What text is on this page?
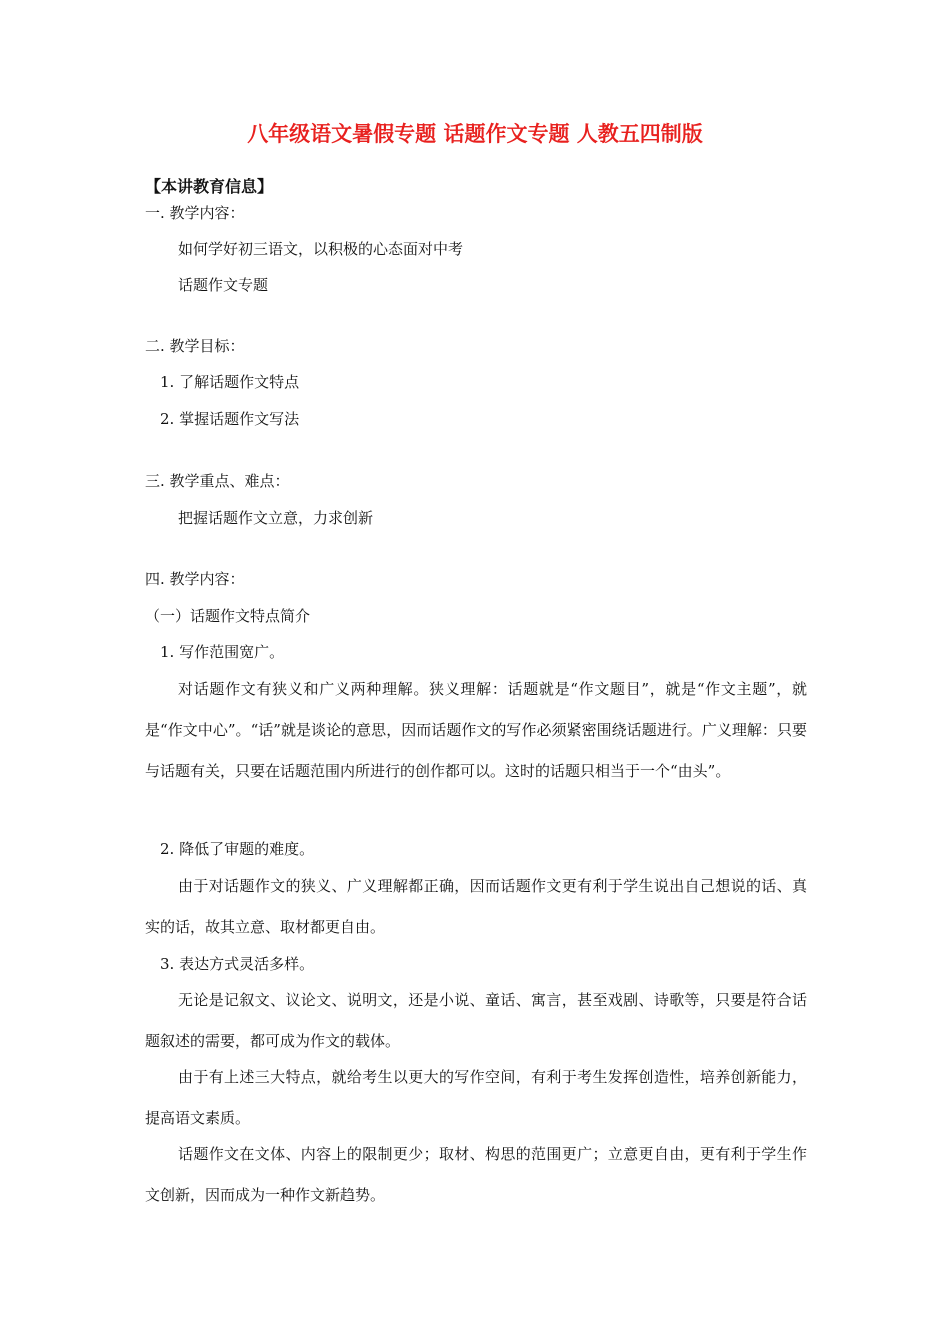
八年级语文暑假专题 话题作文专题 人教五四制版
【本讲教育信息】
一. 教学内容：
如何学好初三语文，以积极的心态面对中考
话题作文专题
二. 教学目标：
1. 了解话题作文特点
2. 掌握话题作文写法
三. 教学重点、难点：
把握话题作文立意，力求创新
四. 教学内容：
（一）话题作文特点简介
1. 写作范围宽广。
对话题作文有狭义和广义两种理解。狭义理解：话题就是“作文题目”，就是“作文主题”，就是“作文中心”。“话”就是谈论的意思，因而话题作文的写作必须紧密围绕话题进行。广义理解：只要与话题有关，只要在话题范围内所进行的创作都可以。这时的话题只相当于一个“由头”。
2. 降低了审题的难度。
由于对话题作文的狭义、广义理解都正确，因而话题作文更有利于学生说出自己想说的话、真实的话，故其立意、取材都更自由。
3. 表达方式灵活多样。
无论是记叙文、议论文、说明文，还是小说、童话、寓言，甚至戏剧、诗歌等，只要是符合话题叙述的需要，都可成为作文的载体。
由于有上述三大特点，就给考生以更大的写作空间，有利于考生发挥创造性，培养创新能力，提高语文素质。
话题作文在文体、内容上的限制更少；取材、构思的范围更广；立意更自由，更有利于学生作文创新，因而成为一种作文新趋势。
